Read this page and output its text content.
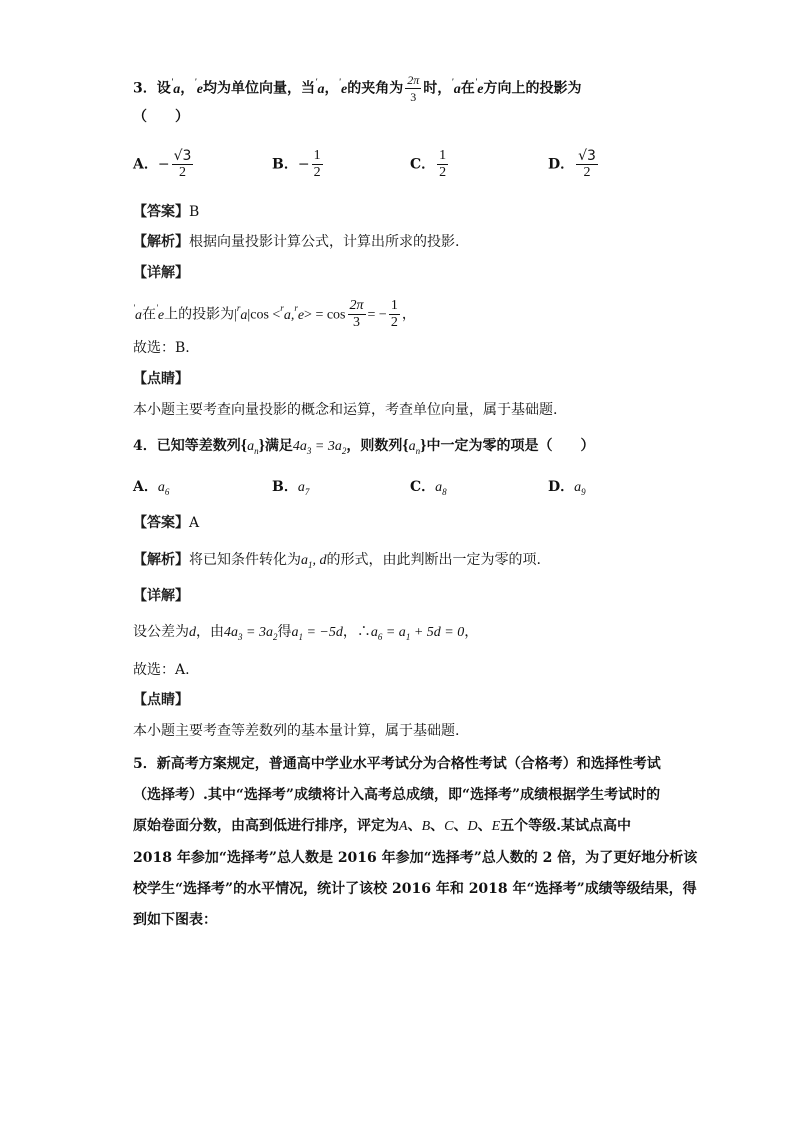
3．设'a，'e均为单位向量，当'a，'e的夹角为 $\frac{2\pi}{3}$ 时，'a在'e方向上的投影为
（　　）
A．− $\frac{√3}{2}$	B．− $\frac{1}{2}$	C． $\frac{1}{2}$	D． $\frac{√3}{2}$
【答案】B
【解析】根据向量投影计算公式，计算出所求的投影.
【详解】
'a在'e上的投影为$|^ra|\cos <^ra,^re> = \cos \frac{2\pi}{3}$ = − $\frac{1}{2}$ ，
故选：B.
【点睛】
本小题主要考查向量投影的概念和运算，考查单位向量，属于基础题.
4．已知等差数列$\{a_n\}$满足$4a_3 = 3a_2$，则数列$\{a_n\}$中一定为零的项是（　　）
A．$a_6$	B．$a_7$	C．$a_8$	D．$a_9$
【答案】A
【解析】将已知条件转化为$a_1$, d的形式，由此判断出一定为零的项.
【详解】
设公差为d，由$4a_3 = 3a_2$得$a_1 = -5d$，$\therefore a_6 = a_1 + 5d = 0$，
故选：A.
【点睛】
本小题主要考查等差数列的基本量计算，属于基础题.
5．新高考方案规定，普通高中学业水平考试分为合格性考试（合格考）和选择性考试
（选择考）.其中“选择考”成绩将计入高考总成绩，即“选择考”成绩根据学生考试时的
原始卷面分数，由高到低进行排序，评定为A、B、C、D、E五个等级.某试点高中
2018 年参加“选择考”总人数是 2016 年参加“选择考”总人数的 2 倍，为了更好地分析该
校学生“选择考”的水平情况，统计了该校 2016 年和 2018 年“选择考”成绩等级结果，得
到如下图表：
